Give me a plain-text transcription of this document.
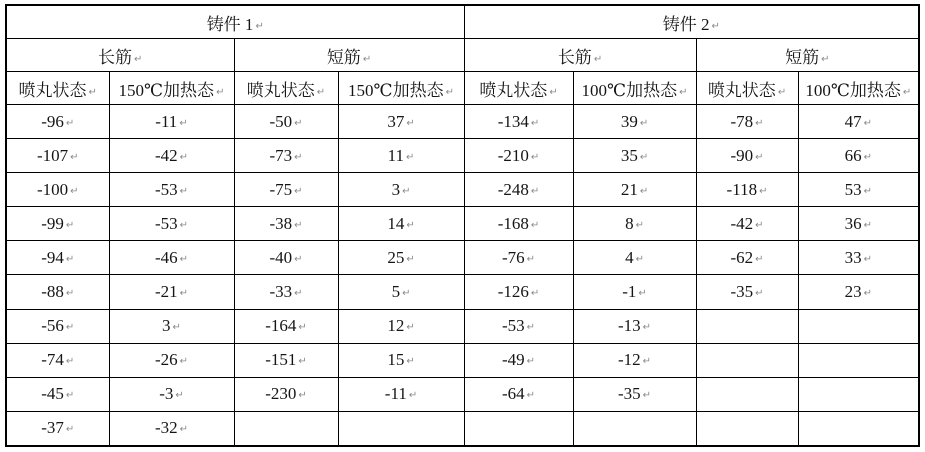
铸件 1 ↵				铸件 2 ↵			
长筋 ↵		短筋 ↵		长筋 ↵		短筋 ↵	
喷丸状态 ↵	150℃加热态 ↵	喷丸状态 ↵	150℃加热态 ↵	喷丸状态 ↵	100℃加热态 ↵	喷丸状态 ↵	100℃加热态 ↵
-96 ↵	-11 ↵	-50 ↵	37 ↵	-134 ↵	39 ↵	-78 ↵	47 ↵
-107 ↵	-42 ↵	-73 ↵	11 ↵	-210 ↵	35 ↵	-90 ↵	66 ↵
-100 ↵	-53 ↵	-75 ↵	3 ↵	-248 ↵	21 ↵	-118 ↵	53 ↵
-99 ↵	-53 ↵	-38 ↵	14 ↵	-168 ↵	8 ↵	-42 ↵	36 ↵
-94 ↵	-46 ↵	-40 ↵	25 ↵	-76 ↵	4 ↵	-62 ↵	33 ↵
-88 ↵	-21 ↵	-33 ↵	5 ↵	-126 ↵	-1 ↵	-35 ↵	23 ↵
-56 ↵	3 ↵	-164 ↵	12 ↵	-53 ↵	-13 ↵		
-74 ↵	-26 ↵	-151 ↵	15 ↵	-49 ↵	-12 ↵		
-45 ↵	-3 ↵	-230 ↵	-11 ↵	-64 ↵	-35 ↵		
-37 ↵	-32 ↵						
